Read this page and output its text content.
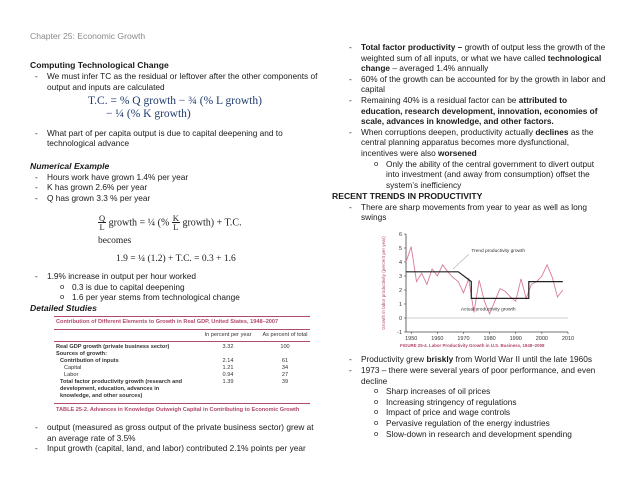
Chapter 25: Economic Growth
Computing Technological Change
- We must infer TC as the residual or leftover after the other components of output and inputs are calculated
T.C. = % Q growth − ¾ (% L growth)
− ¼ (% K growth)
- What part of per capita output is due to capital deepening and to technological advance
Numerical Example
- Hours work have grown 1.4% per year
- K has grown 2.6% per year
- Q has grown 3.3 % per year
$\frac{Q}{L}$ growth = ¼ (% $\frac{K}{L}$ growth) + T.C.
becomes
1.9 = ¼ (1.2) + T.C. = 0.3 + 1.6
- 1.9% increase in output per hour worked
o 0.3 is due to capital deepening
o 1.6 per year stems from technological change
Detailed Studies
Contribution of Different Elements to Growth in Real GDP, United States, 1948–2007
In percent per year	As percent of total
Real GDP growth (private business sector)	3.32	100
Sources of growth:
Contribution of inputs	2.14	61
Capital	1.21	34
Labor	0.94	27
Total factor productivity growth (research and development, education, advances in knowledge, and other sources)
1.39	39
TABLE 25-2. Advances in Knowledge Outweigh Capital in Contributing to Economic Growth
- output (measured as gross output of the private business sector) grew at an average rate of 3.5%
- Input growth (capital, land, and labor) contributed 2.1% points per year
- Total factor productivity – growth of output less the growth of the weighted sum of all inputs, or what we have called technological change – averaged 1.4% annually
- 60% of the growth can be accounted for by the growth in labor and capital
- Remaining 40% is a residual factor can be attributed to education, research development, innovation, economies of scale, advances in knowledge, and other factors.
- When corruptions deepen, productivity actually declines as the central planning apparatus becomes more dysfunctional, incentives were also worsened
o Only the ability of the central government to divert output into investment (and away from consumption) offset the system’s inefficiency
RECENT TRENDS IN PRODUCTIVITY
- There are sharp movements from year to year as well as long swings
-1
0
1
2
3
4
5
6
1950	1960	1970	1980	1990	2000	2010
Growth in labor productivity (percent per year)	Trend productivity growth
Actual productivity growth
FIGURE 25-4. Labor Productivity Growth in U.S. Business, 1948–2008
- Productivity grew briskly from World War II until the late 1960s
- 1973 – there were several years of poor performance, and even decline
o Sharp increases of oil prices
o Increasing stringency of regulations
o Impact of price and wage controls
o Pervasive regulation of the energy industries
o Slow-down in research and development spending
